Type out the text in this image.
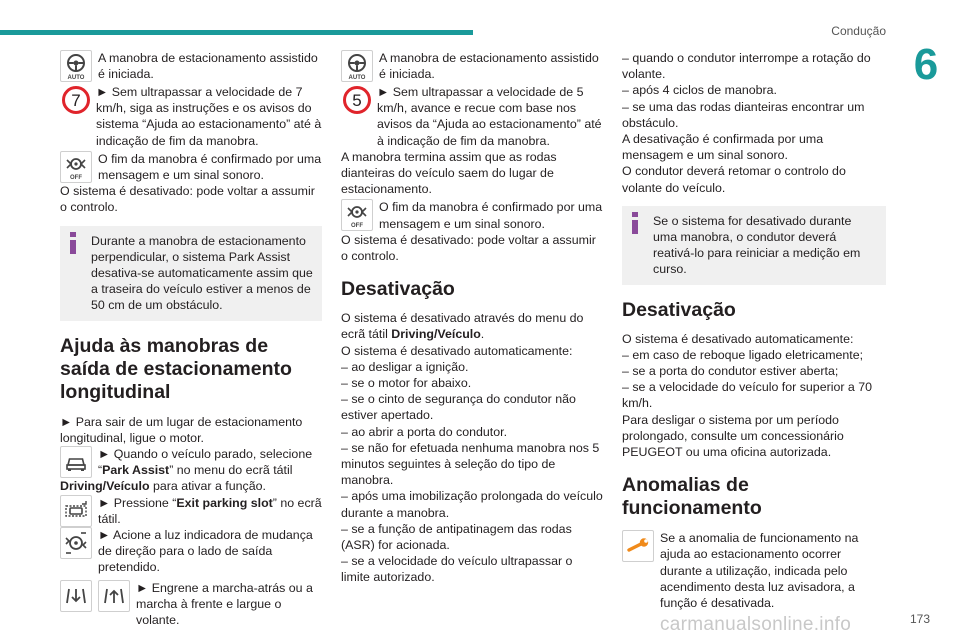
Condução
6
173
carmanualsonline.info
AUTO
7

A manobra de estacionamento assistido é iniciada.

► Sem ultrapassar a velocidade de 7 km/h, siga as instruções e os avisos do sistema “Ajuda ao estacionamento” até à indicação de fim da manobra.

OFF

O fim da manobra é confirmado por uma mensagem e um sinal sonoro.

O sistema é desativado: pode voltar a assumir o controlo.

Durante a manobra de estacionamento perpendicular, o sistema Park Assist desativa-se automaticamente assim que a traseira do veículo estiver a menos de 50 cm de um obstáculo.
Ajuda às manobras de saída de estacionamento longitudinal

► Para sair de um lugar de estacionamento longitudinal, ligue o motor.

► Quando o veículo parado, selecione “Park Assist” no menu do ecrã tátil

Driving/Veículo para ativar a função.

► Pressione “Exit parking slot” no ecrã tátil.

► Acione a luz indicadora de mudança de direção para o lado de saída pretendido.

► Engrene a marcha-atrás ou a marcha à frente e largue o volante.

AUTO
5

A manobra de estacionamento assistido é iniciada.

► Sem ultrapassar a velocidade de 5 km/h, avance e recue com base nos avisos da “Ajuda ao estacionamento” até à indicação de fim da manobra.

A manobra termina assim que as rodas dianteiras do veículo saem do lugar de estacionamento.

OFF

O fim da manobra é confirmado por uma mensagem e um sinal sonoro.

O sistema é desativado: pode voltar a assumir o controlo.

Desativação

O sistema é desativado através do menu do ecrã tátil Driving/Veículo.

O sistema é desativado automaticamente:

– ao desligar a ignição.

– se o motor for abaixo.

– se o cinto de segurança do condutor não estiver apertado.

– ao abrir a porta do condutor.

– se não for efetuada nenhuma manobra nos 5 minutos seguintes à seleção do tipo de manobra.

– após uma imobilização prolongada do veículo durante a manobra.

– se a função de antipatinagem das rodas (ASR) for acionada.

– se a velocidade do veículo ultrapassar o limite autorizado.

– quando o condutor interrompe a rotação do volante.

– após 4 ciclos de manobra.

– se uma das rodas dianteiras encontrar um obstáculo.

A desativação é confirmada por uma mensagem e um sinal sonoro.

O condutor deverá retomar o controlo do volante do veículo.

Se o sistema for desativado durante uma manobra, o condutor deverá reativá-lo para reiniciar a medição em curso.
Desativação

O sistema é desativado automaticamente:

– em caso de reboque ligado eletricamente;

– se a porta do condutor estiver aberta;

– se a velocidade do veículo for superior a 70 km/h.

Para desligar o sistema por um período prolongado, consulte um concessionário PEUGEOT ou uma oficina autorizada.

Anomalias de funcionamento

Se a anomalia de funcionamento na ajuda ao estacionamento ocorrer durante a utilização, indicada pelo acendimento desta luz avisadora, a função é desativada.
